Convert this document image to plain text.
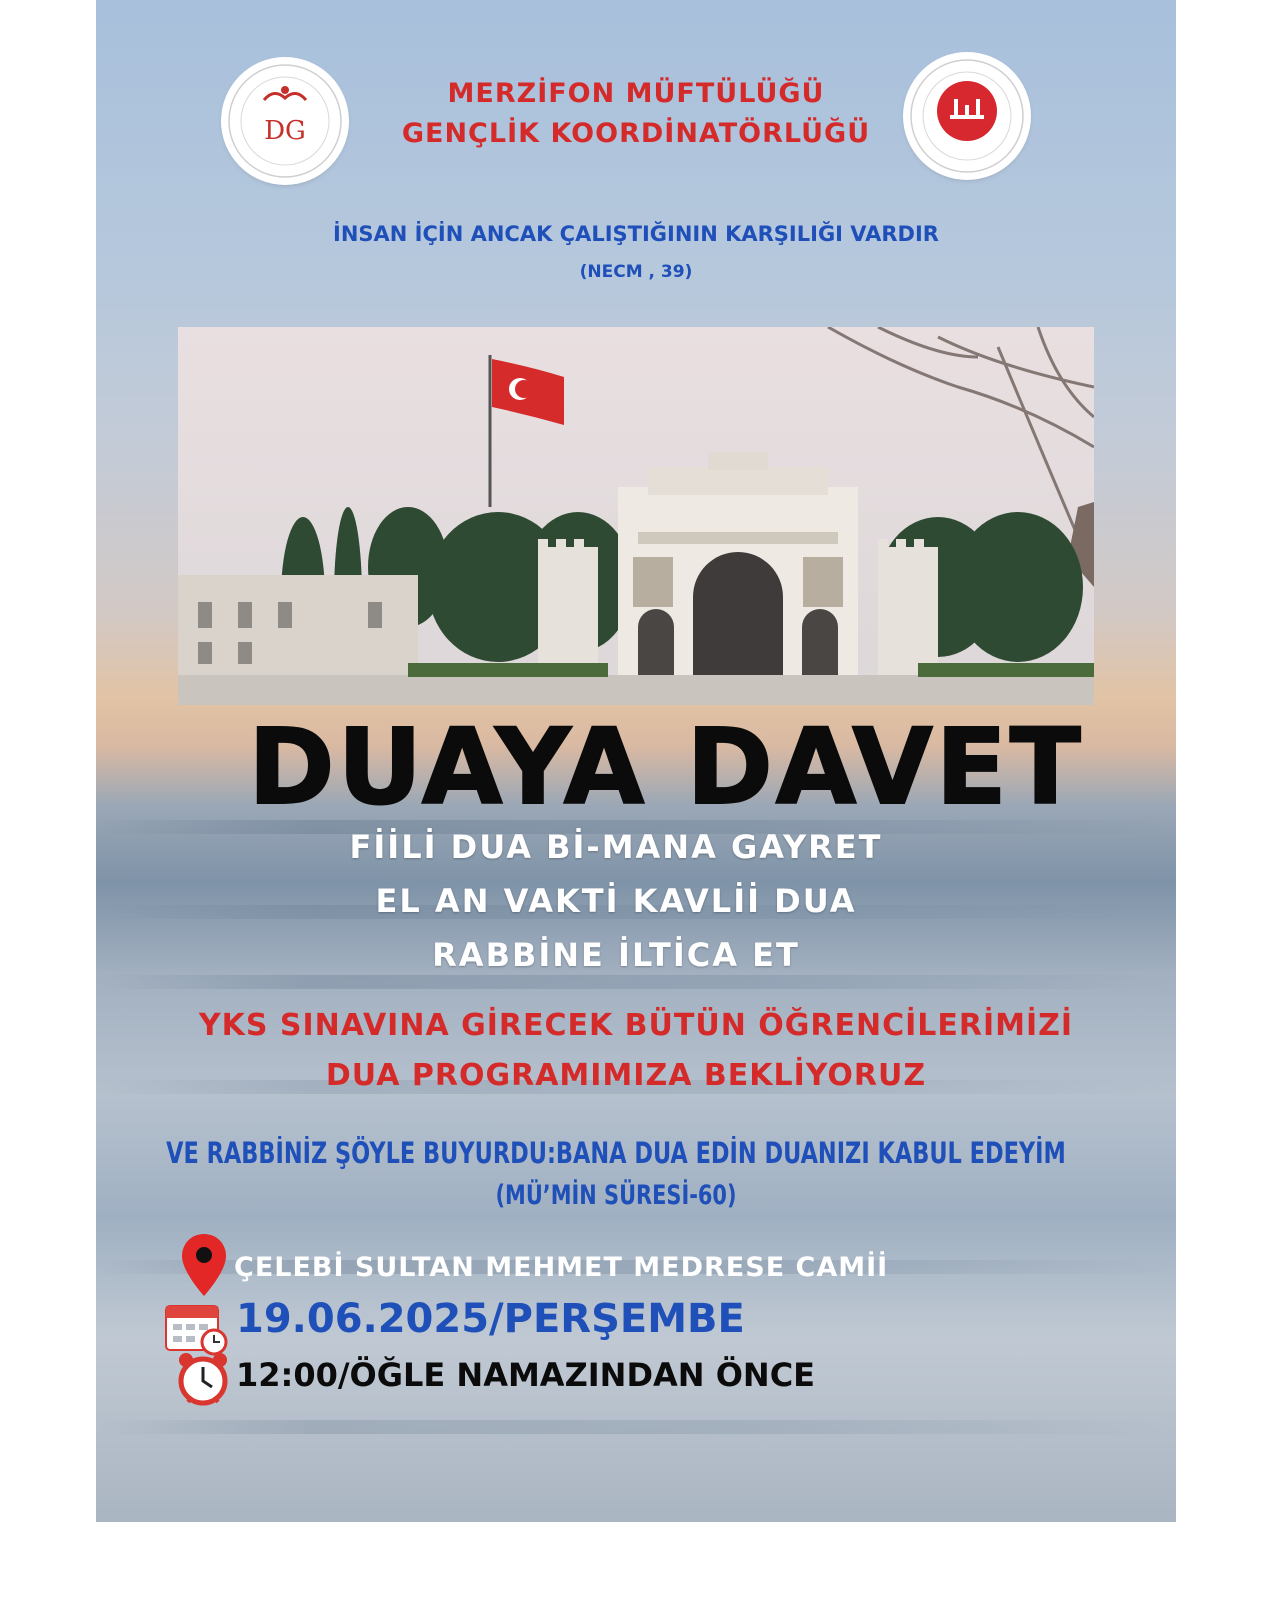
DG
MERZİFON MÜFTÜLÜĞÜ
GENÇLİK KOORDİNATÖRLÜĞÜ
İNSAN İÇİN ANCAK ÇALIŞTIĞININ KARŞILIĞI VARDIR
(NECM , 39)
DUAYA DAVET
FİİLİ DUA Bİ-MANA GAYRET
EL AN VAKTİ KAVLİİ DUA
RABBİNE İLTİCA ET
YKS SINAVINA GİRECEK BÜTÜN ÖĞRENCİLERİMİZİ
DUA PROGRAMIMIZA BEKLİYORUZ
VE RABBİNİZ ŞÖYLE BUYURDU:BANA DUA EDİN DUANIZI KABUL EDEYİM
(MÜ’MİN SÜRESİ-60)
ÇELEBİ SULTAN MEHMET MEDRESE CAMİİ
19.06.2025/PERŞEMBE
12:00/ÖĞLE NAMAZINDAN ÖNCE
